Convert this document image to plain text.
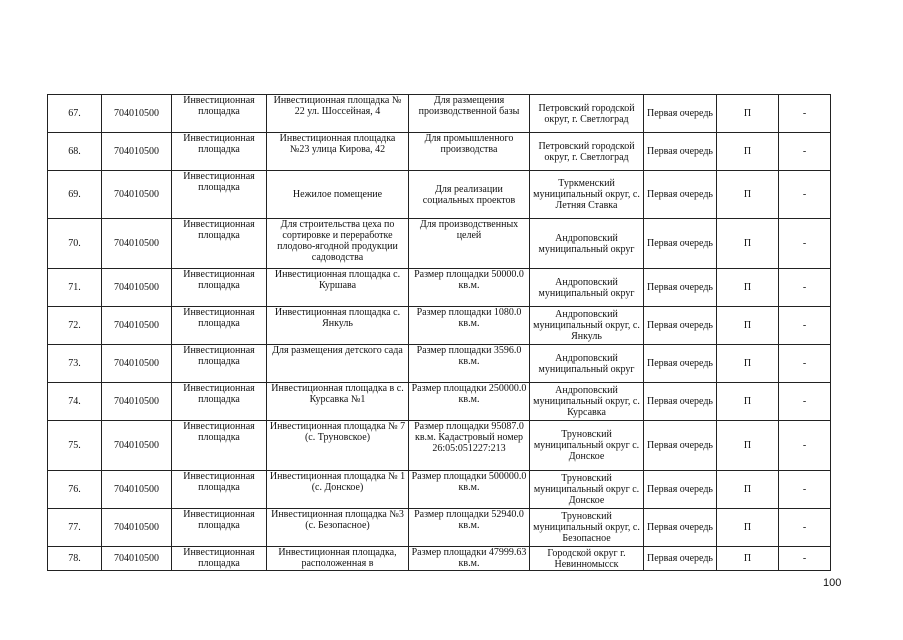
67.	704010500	Инвестиционная площадка	Инвестиционная площадка № 22 ул. Шоссейная, 4	Для размещения производственной базы	Петровский городской округ, г. Светлоград	Первая очередь	П	-
68.	704010500	Инвестиционная площадка	Инвестиционная площадка №23 улица Кирова, 42	Для промышленного производства	Петровский городской округ, г. Светлоград	Первая очередь	П	-
69.	704010500	Инвестиционная площадка	Нежилое помещение	Для реализации социальных проектов	Туркменский муниципальный округ, с. Летняя Ставка	Первая очередь	П	-
70.	704010500	Инвестиционная площадка	Для строительства цеха по сортировке и переработке плодово-ягодной продукции садоводства	Для производственных целей	Андроповский муниципальный округ	Первая очередь	П	-
71.	704010500	Инвестиционная площадка	Инвестиционная площадка с. Куршава	Размер площадки 50000.0 кв.м.	Андроповский муниципальный округ	Первая очередь	П	-
72.	704010500	Инвестиционная площадка	Инвестиционная площадка с. Янкуль	Размер площадки 1080.0 кв.м.	Андроповский муниципальный округ, с. Янкуль	Первая очередь	П	-
73.	704010500	Инвестиционная площадка	Для размещения детского сада	Размер площадки 3596.0 кв.м.	Андроповский муниципальный округ	Первая очередь	П	-
74.	704010500	Инвестиционная площадка	Инвестиционная площадка в с. Курсавка №1	Размер площадки 250000.0 кв.м.	Андроповский муниципальный округ, с. Курсавка	Первая очередь	П	-
75.	704010500	Инвестиционная площадка	Инвестиционная площадка № 7 (с. Труновское)	Размер площадки 95087.0 кв.м. Кадастровый номер 26:05:051227:213	Труновский муниципальный округ с. Донское	Первая очередь	П	-
76.	704010500	Инвестиционная площадка	Инвестиционная площадка № 1 (с. Донское)	Размер площадки 500000.0 кв.м.	Труновский муниципальный округ с. Донское	Первая очередь	П	-
77.	704010500	Инвестиционная площадка	Инвестиционная площадка №3 (с. Безопасное)	Размер площадки 52940.0 кв.м.	Труновский муниципальный округ, с. Безопасное	Первая очередь	П	-
78.	704010500	Инвестиционная площадка	Инвестиционная площадка, расположенная в	Размер площадки 47999.63 кв.м.	Городской округ г. Невинномысск	Первая очередь	П	-
100
